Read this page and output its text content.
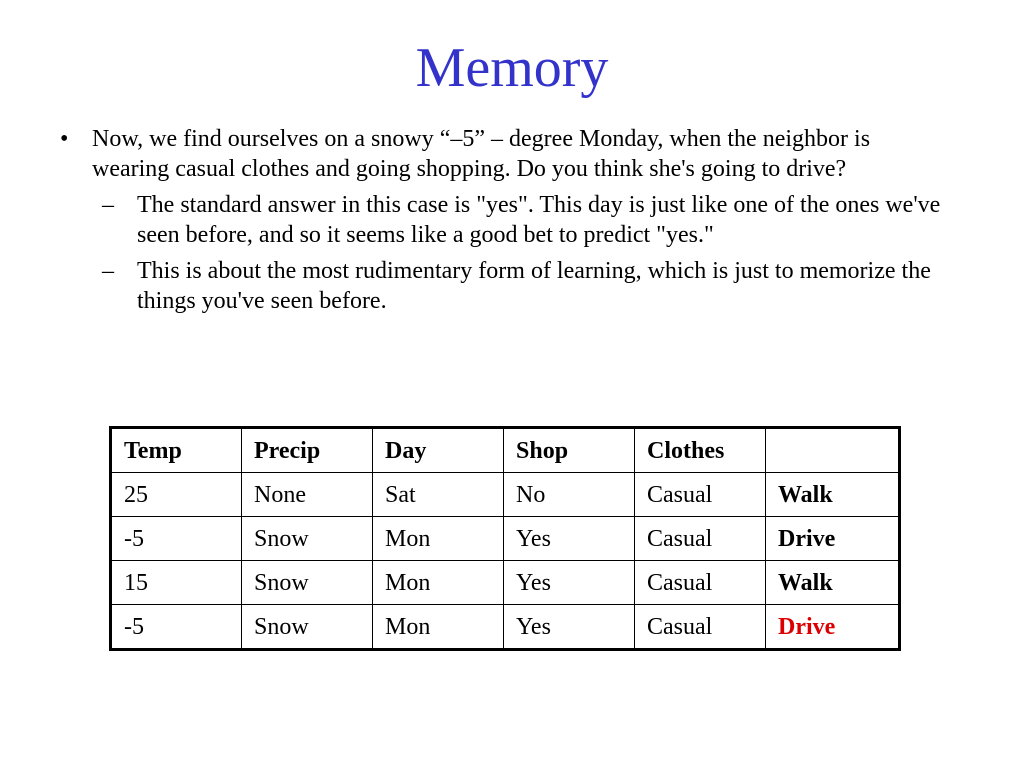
Memory

• Now, we find ourselves on a snowy “–5” – degree Monday, when the neighbor is wearing casual clothes and going shopping. Do you think she's going to drive?

– The standard answer in this case is "yes". This day is just like one of the ones we've seen before, and so it seems like a good bet to predict "yes."

– This is about the most rudimentary form of learning, which is just to memorize the things you've seen before.

Temp	Precip	Day	Shop	Clothes	
25	None	Sat	No	Casual	Walk
-5	Snow	Mon	Yes	Casual	Drive
15	Snow	Mon	Yes	Casual	Walk
-5	Snow	Mon	Yes	Casual	Drive
